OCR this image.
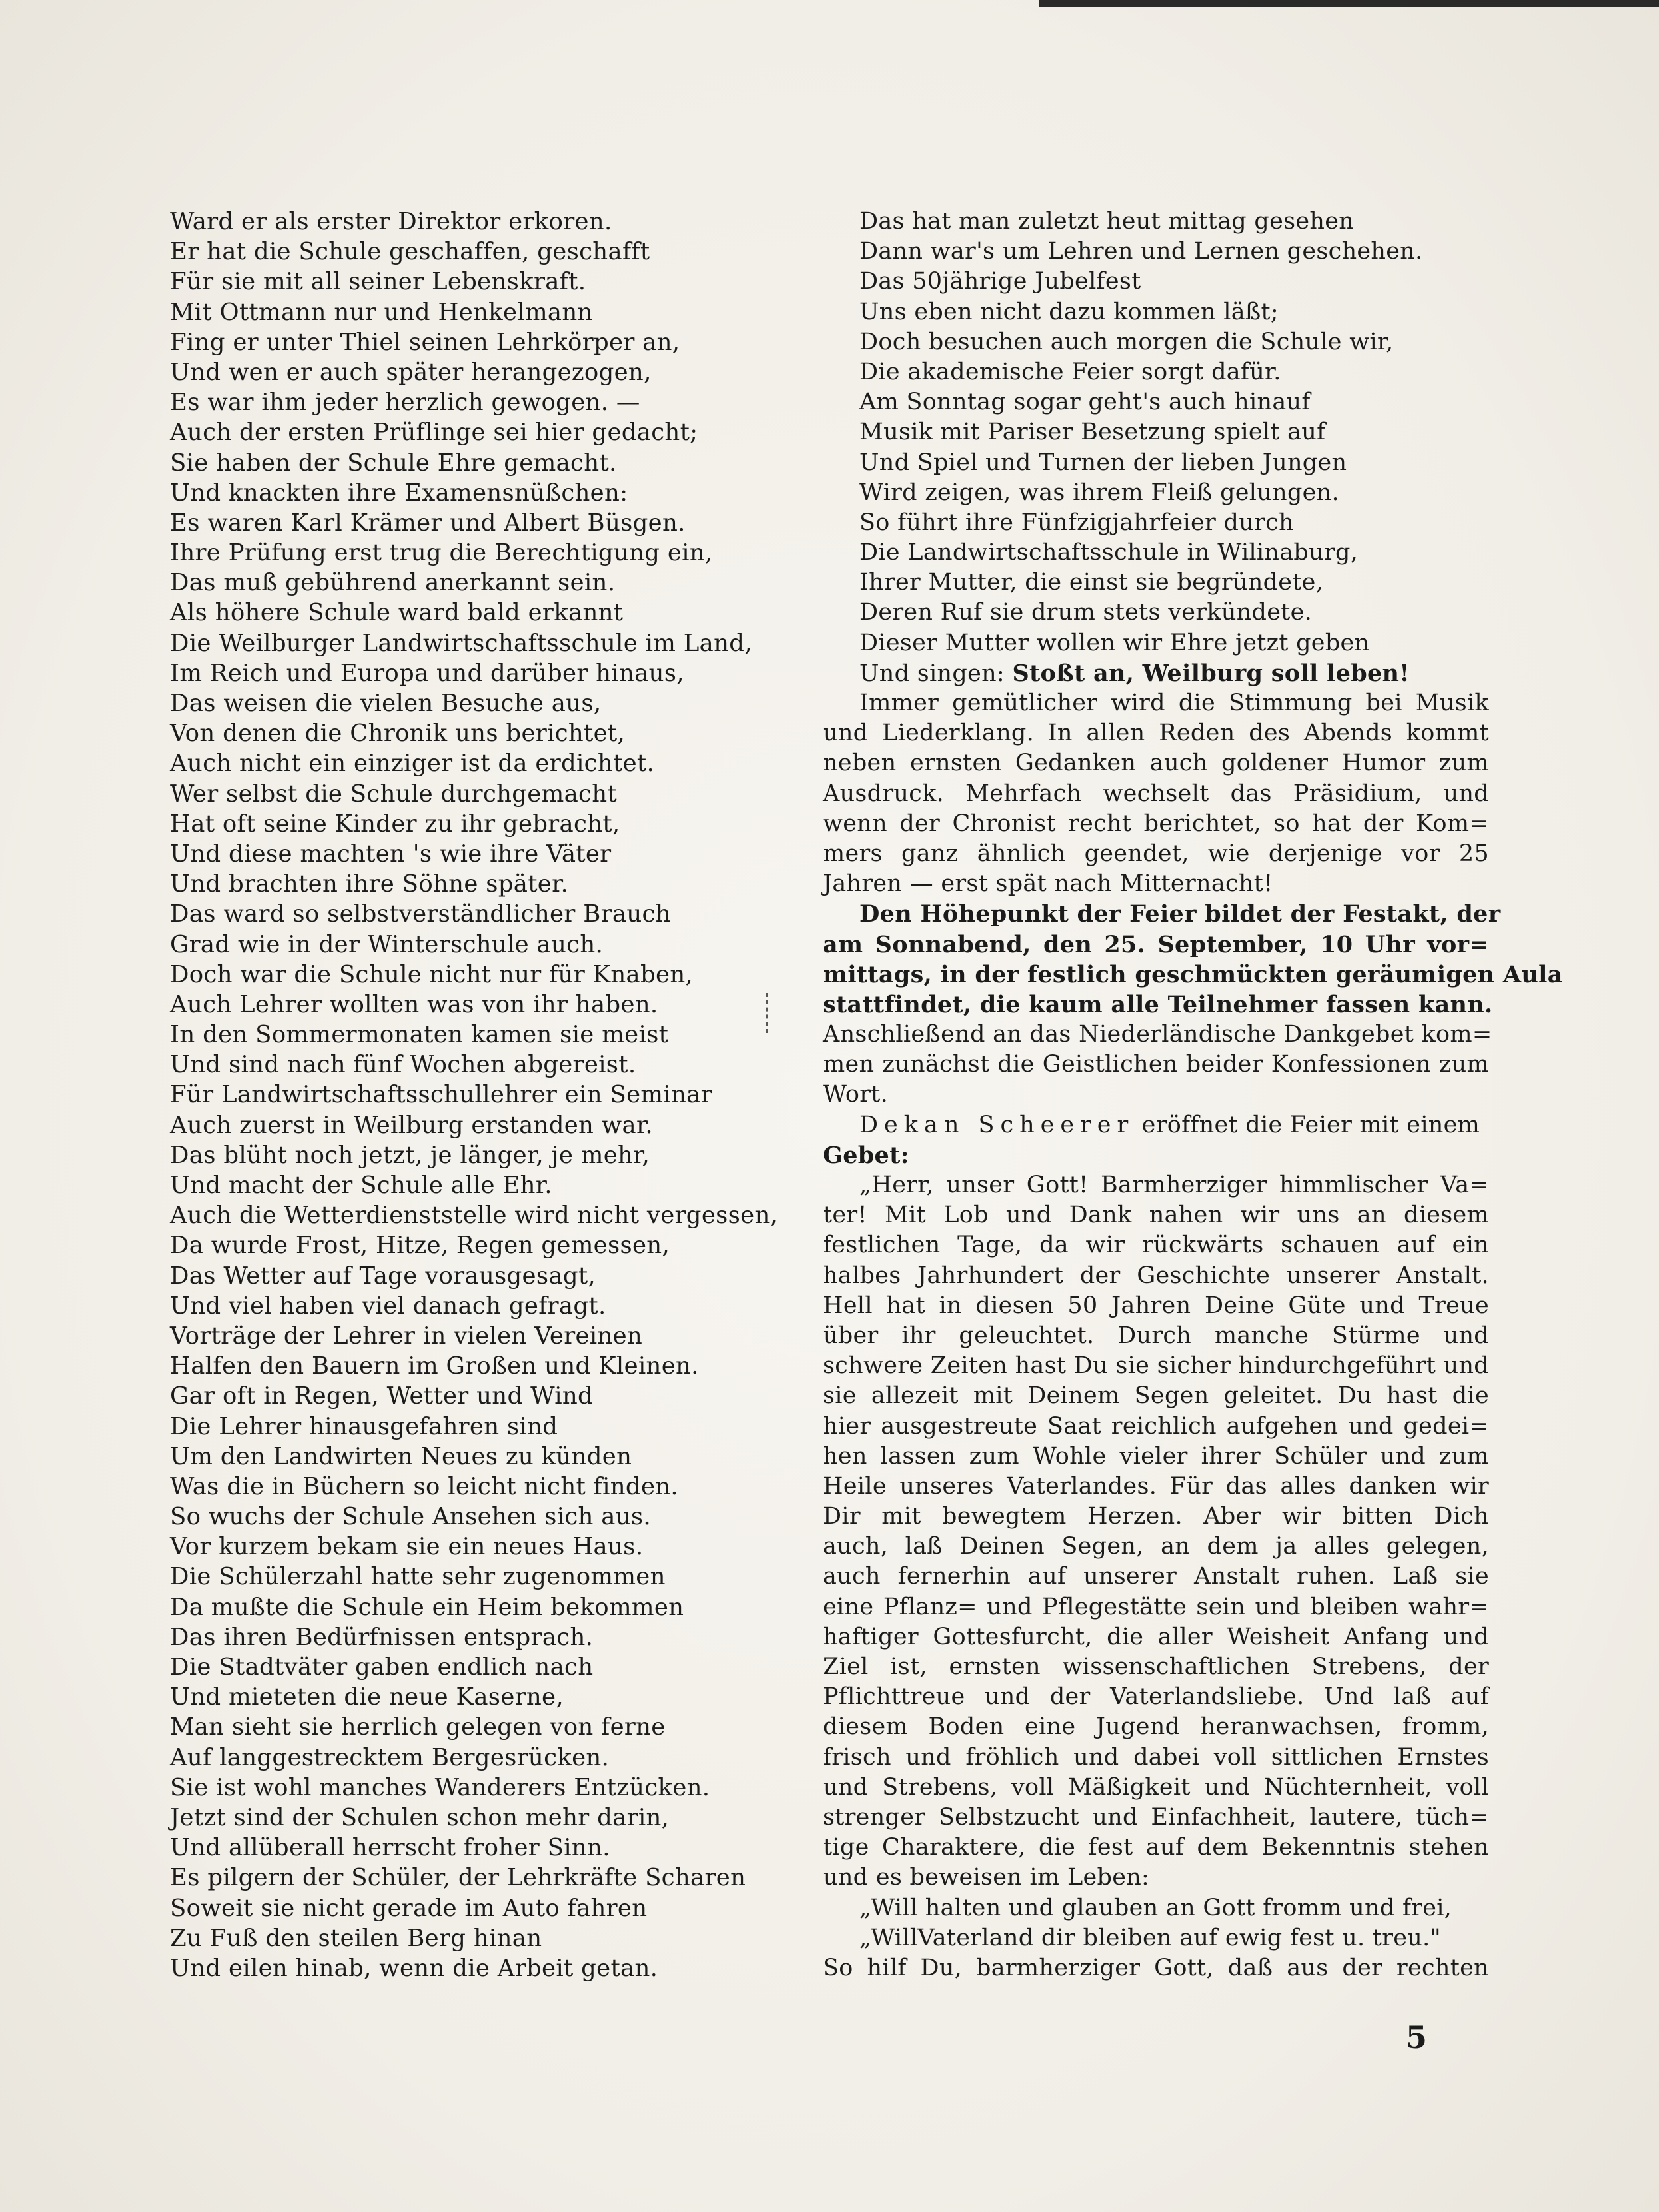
Ward er als erster Direktor erkoren.
Er hat die Schule geschaffen, geschafft
Für sie mit all seiner Lebenskraft.
Mit Ottmann nur und Henkelmann
Fing er unter Thiel seinen Lehrkörper an,
Und wen er auch später herangezogen,
Es war ihm jeder herzlich gewogen. —
Auch der ersten Prüflinge sei hier gedacht;
Sie haben der Schule Ehre gemacht.
Und knackten ihre Examensnüßchen:
Es waren Karl Krämer und Albert Büsgen.
Ihre Prüfung erst trug die Berechtigung ein,
Das muß gebührend anerkannt sein.
Als höhere Schule ward bald erkannt
Die Weilburger Landwirtschaftsschule im Land,
Im Reich und Europa und darüber hinaus,
Das weisen die vielen Besuche aus,
Von denen die Chronik uns berichtet,
Auch nicht ein einziger ist da erdichtet.
Wer selbst die Schule durchgemacht
Hat oft seine Kinder zu ihr gebracht,
Und diese machten 's wie ihre Väter
Und brachten ihre Söhne später.
Das ward so selbstverständlicher Brauch
Grad wie in der Winterschule auch.
Doch war die Schule nicht nur für Knaben,
Auch Lehrer wollten was von ihr haben.
In den Sommermonaten kamen sie meist
Und sind nach fünf Wochen abgereist.
Für Landwirtschaftsschullehrer ein Seminar
Auch zuerst in Weilburg erstanden war.
Das blüht noch jetzt, je länger, je mehr,
Und macht der Schule alle Ehr.
Auch die Wetterdienststelle wird nicht vergessen,
Da wurde Frost, Hitze, Regen gemessen,
Das Wetter auf Tage vorausgesagt,
Und viel haben viel danach gefragt.
Vorträge der Lehrer in vielen Vereinen
Halfen den Bauern im Großen und Kleinen.
Gar oft in Regen, Wetter und Wind
Die Lehrer hinausgefahren sind
Um den Landwirten Neues zu künden
Was die in Büchern so leicht nicht finden.
So wuchs der Schule Ansehen sich aus.
Vor kurzem bekam sie ein neues Haus.
Die Schülerzahl hatte sehr zugenommen
Da mußte die Schule ein Heim bekommen
Das ihren Bedürfnissen entsprach.
Die Stadtväter gaben endlich nach
Und mieteten die neue Kaserne,
Man sieht sie herrlich gelegen von ferne
Auf langgestrecktem Bergesrücken.
Sie ist wohl manches Wanderers Entzücken.
Jetzt sind der Schulen schon mehr darin,
Und allüberall herrscht froher Sinn.
Es pilgern der Schüler, der Lehrkräfte Scharen
Soweit sie nicht gerade im Auto fahren
Zu Fuß den steilen Berg hinan
Und eilen hinab, wenn die Arbeit getan.
Das hat man zuletzt heut mittag gesehen
Dann war's um Lehren und Lernen geschehen.
Das 50jährige Jubelfest
Uns eben nicht dazu kommen läßt;
Doch besuchen auch morgen die Schule wir,
Die akademische Feier sorgt dafür.
Am Sonntag sogar geht's auch hinauf
Musik mit Pariser Besetzung spielt auf
Und Spiel und Turnen der lieben Jungen
Wird zeigen, was ihrem Fleiß gelungen.
So führt ihre Fünfzigjahrfeier durch
Die Landwirtschaftsschule in Wilinaburg,
Ihrer Mutter, die einst sie begründete,
Deren Ruf sie drum stets verkündete.
Dieser Mutter wollen wir Ehre jetzt geben
Und singen: Stoßt an, Weilburg soll leben!
Immer gemütlicher wird die Stimmung bei Musik
und Liederklang. In allen Reden des Abends kommt
neben ernsten Gedanken auch goldener Humor zum
Ausdruck. Mehrfach wechselt das Präsidium, und
wenn der Chronist recht berichtet, so hat der Kom=
mers ganz ähnlich geendet, wie derjenige vor 25
Jahren — erst spät nach Mitternacht!
Den Höhepunkt der Feier bildet der Festakt, der
am Sonnabend, den 25. September, 10 Uhr vor=
mittags, in der festlich geschmückten geräumigen Aula
stattfindet, die kaum alle Teilnehmer fassen kann.
Anschließend an das Niederländische Dankgebet kom=
men zunächst die Geistlichen beider Konfessionen zum
Wort.
Dekan Scheerer eröffnet die Feier mit einem
Gebet:
„Herr, unser Gott! Barmherziger himmlischer Va=
ter! Mit Lob und Dank nahen wir uns an diesem
festlichen Tage, da wir rückwärts schauen auf ein
halbes Jahrhundert der Geschichte unserer Anstalt.
Hell hat in diesen 50 Jahren Deine Güte und Treue
über ihr geleuchtet. Durch manche Stürme und
schwere Zeiten hast Du sie sicher hindurchgeführt und
sie allezeit mit Deinem Segen geleitet. Du hast die
hier ausgestreute Saat reichlich aufgehen und gedei=
hen lassen zum Wohle vieler ihrer Schüler und zum
Heile unseres Vaterlandes. Für das alles danken wir
Dir mit bewegtem Herzen. Aber wir bitten Dich
auch, laß Deinen Segen, an dem ja alles gelegen,
auch fernerhin auf unserer Anstalt ruhen. Laß sie
eine Pflanz= und Pflegestätte sein und bleiben wahr=
haftiger Gottesfurcht, die aller Weisheit Anfang und
Ziel ist, ernsten wissenschaftlichen Strebens, der
Pflichttreue und der Vaterlandsliebe. Und laß auf
diesem Boden eine Jugend heranwachsen, fromm,
frisch und fröhlich und dabei voll sittlichen Ernstes
und Strebens, voll Mäßigkeit und Nüchternheit, voll
strenger Selbstzucht und Einfachheit, lautere, tüch=
tige Charaktere, die fest auf dem Bekenntnis stehen
und es beweisen im Leben:
„Will halten und glauben an Gott fromm und frei,
„WillVaterland dir bleiben auf ewig fest u. treu."
So hilf Du, barmherziger Gott, daß aus der rechten
5
